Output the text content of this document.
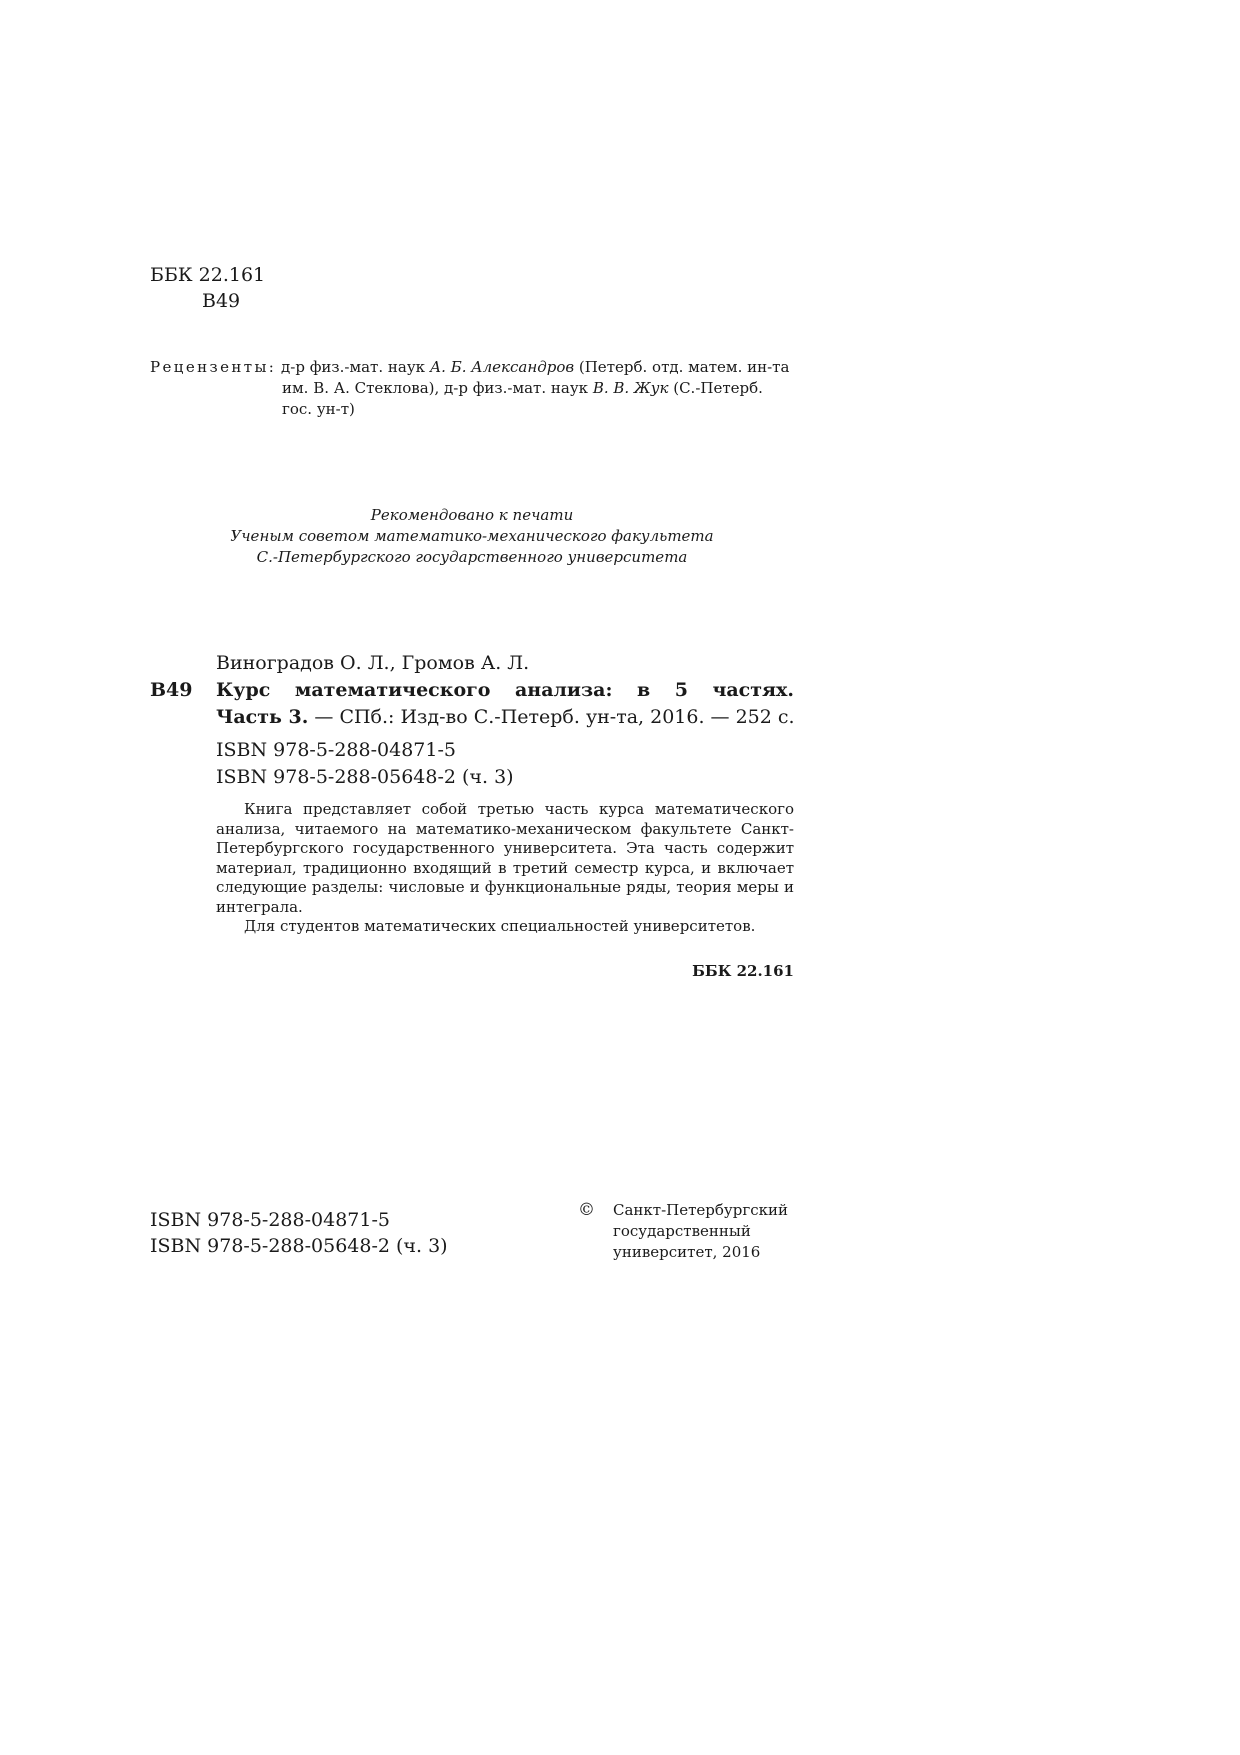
ББК 22.161
В49
Рецензенты: д-р физ.-мат. наук А. Б. Александров (Петерб. отд. матем. ин-та
им. В. А. Стеклова), д-р физ.-мат. наук В. В. Жук (С.-Петерб.
гос. ун-т)
Рекомендовано к печати
Ученым советом математико-механического факультета
С.-Петербургского государственного университета
Виноградов О. Л., Громов А. Л.
В49	Курс математического анализа: в 5 частях.
Часть 3. — СПб.: Изд-во С.-Петерб. ун-та, 2016. — 252 с.
ISBN 978-5-288-04871-5
ISBN 978-5-288-05648-2 (ч. 3)

Книга представляет собой третью часть курса математического анализа, читаемого на математико-механическом факультете Санкт-Петербургского государственного университета. Эта часть содержит материал, традиционно входящий в третий семестр курса, и включает следующие разделы: числовые и функциональные ряды, теория меры и интеграла.

Для студентов математических специальностей университетов.

ББК 22.161
ISBN 978-5-288-04871-5
ISBN 978-5-288-05648-2 (ч. 3)
© Санкт-Петербургский
государственный
университет, 2016
